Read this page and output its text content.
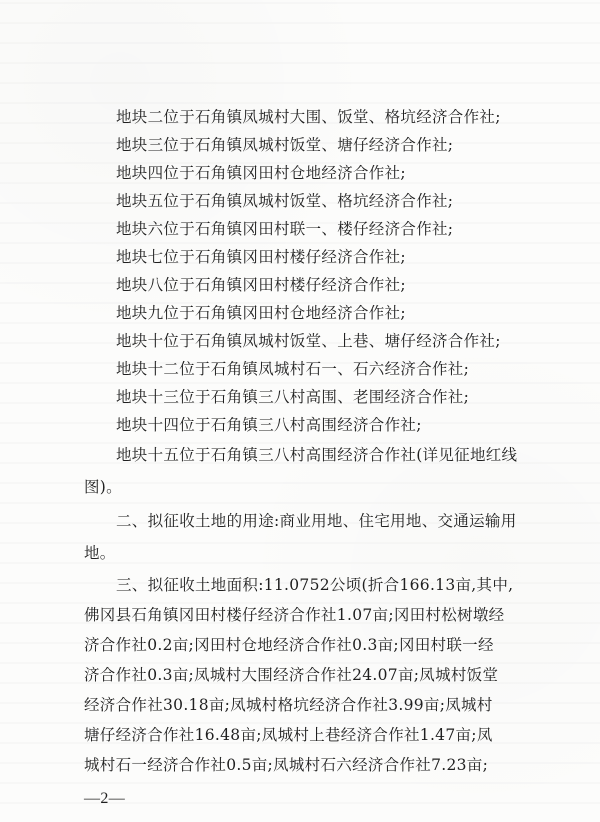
地块二位于石角镇凤城村大围、饭堂、格坑经济合作社;
地块三位于石角镇凤城村饭堂、塘仔经济合作社;
地块四位于石角镇冈田村仓地经济合作社;
地块五位于石角镇凤城村饭堂、格坑经济合作社;
地块六位于石角镇冈田村联一、楼仔经济合作社;
地块七位于石角镇冈田村楼仔经济合作社;
地块八位于石角镇冈田村楼仔经济合作社;
地块九位于石角镇冈田村仓地经济合作社;
地块十位于石角镇凤城村饭堂、上巷、塘仔经济合作社;
地块十二位于石角镇凤城村石一、石六经济合作社;
地块十三位于石角镇三八村高围、老围经济合作社;
地块十四位于石角镇三八村高围经济合作社;
地块十五位于石角镇三八村高围经济合作社(详见征地红线
图)。
二、拟征收土地的用途:商业用地、住宅用地、交通运输用
地。
三、拟征收土地面积:11.0752公顷(折合166.13亩,其中,
佛冈县石角镇冈田村楼仔经济合作社1.07亩;冈田村松树墩经
济合作社0.2亩;冈田村仓地经济合作社0.3亩;冈田村联一经
济合作社0.3亩;凤城村大围经济合作社24.07亩;凤城村饭堂
经济合作社30.18亩;凤城村格坑经济合作社3.99亩;凤城村
塘仔经济合作社16.48亩;凤城村上巷经济合作社1.47亩;凤
城村石一经济合作社0.5亩;凤城村石六经济合作社7.23亩;
—2—
